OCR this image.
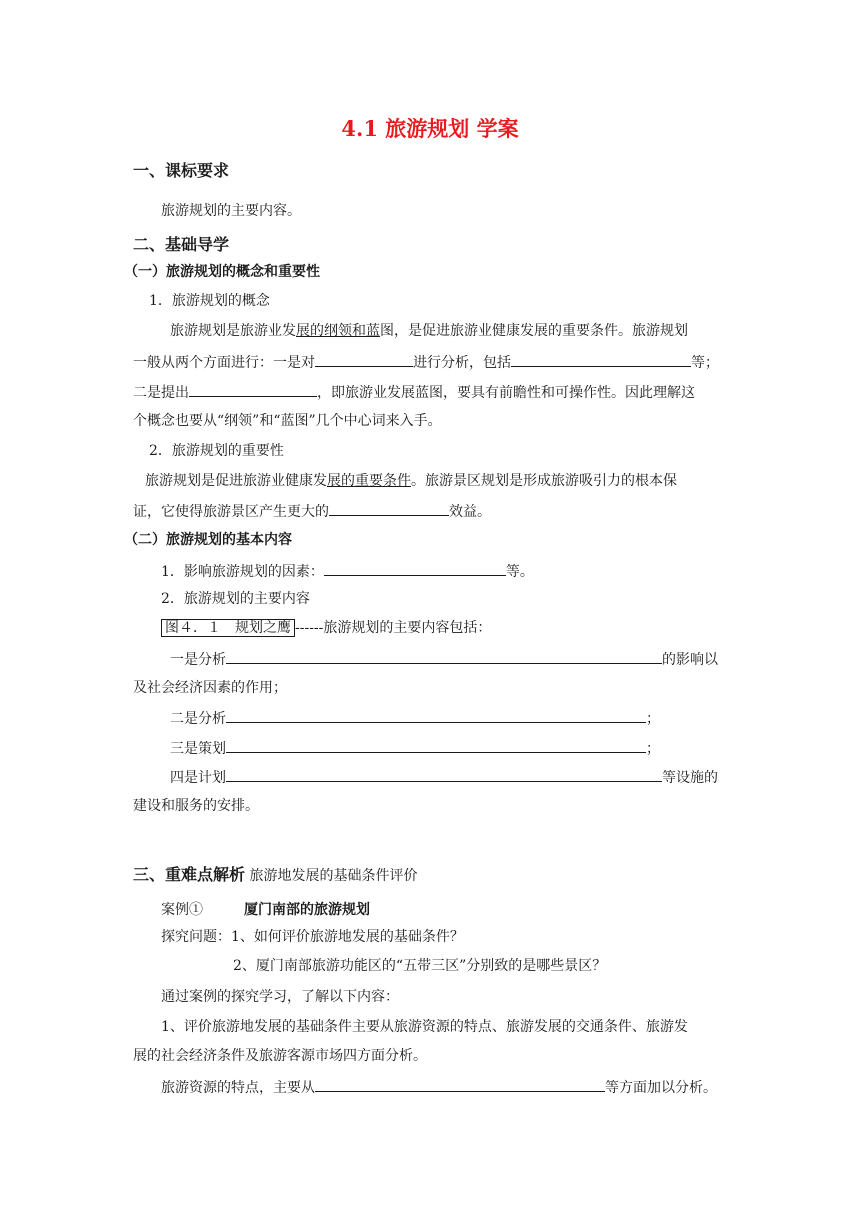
4.1 旅游规划 学案
一、课标要求
旅游规划的主要内容。
二、基础导学
（一）旅游规划的概念和重要性
1．旅游规划的概念
旅游规划是旅游业发展的纲领和蓝图，是促进旅游业健康发展的重要条件。旅游规划
一般从两个方面进行：一是对	进行分析，包括	等；
二是提出	，即旅游业发展蓝图，要具有前瞻性和可操作性。因此理解这
个概念也要从“纲领”和“蓝图”几个中心词来入手。
2．旅游规划的重要性
旅游规划是促进旅游业健康发展的重要条件。旅游景区规划是形成旅游吸引力的根本保
证，它使得旅游景区产生更大的	效益。
（二）旅游规划的基本内容
1．影响旅游规划的因素：	等。
2．旅游规划的主要内容
图４．１　规划之鹰 ------旅游规划的主要内容包括：
一是分析	的影响以
及社会经济因素的作用；
二是分析	；
三是策划	；
四是计划	等设施的
建设和服务的安排。
三、重难点解析 旅游地发展的基础条件评价
案例①	厦门南部的旅游规划
探究问题：1、如何评价旅游地发展的基础条件？
2、厦门南部旅游功能区的“五带三区”分别致的是哪些景区？
通过案例的探究学习，了解以下内容：
1、评价旅游地发展的基础条件主要从旅游资源的特点、旅游发展的交通条件、旅游发
展的社会经济条件及旅游客源市场四方面分析。
旅游资源的特点，主要从	等方面加以分析。
